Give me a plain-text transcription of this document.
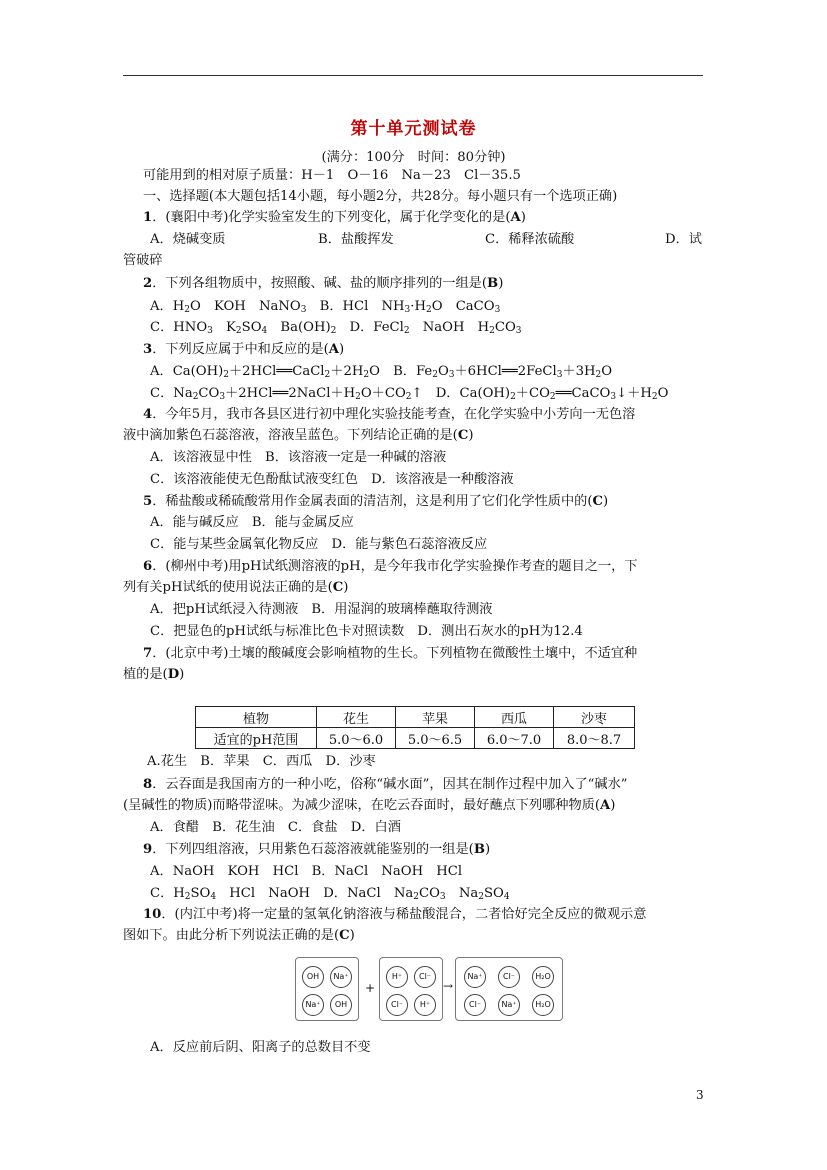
第十单元测试卷
(满分：100分　时间：80分钟)
可能用到的相对原子质量：H－1　O－16　Na－23　Cl－35.5
一、选择题(本大题包括14小题，每小题2分，共28分。每小题只有一个选项正确)
1．(襄阳中考)化学实验室发生的下列变化，属于化学变化的是(A)
A．烧碱变质	B．盐酸挥发	C．稀释浓硫酸	D．试
管破碎
2．下列各组物质中，按照酸、碱、盐的顺序排列的一组是(B)
A．$H_2O$　KOH　NaNO$_3$　B．HCl　$NH_3\cdot H_2O$　CaCO$_3$
C．$HNO_3$　$K_2SO_4$　$Ba(OH)_2$　D．FeCl$_2$　NaOH　$H_2CO_3$
3．下列反应属于中和反应的是(A)
A．$Ca(OH)_2+2HCl══CaCl_2+2H_2O$　B．$Fe_2O_3+6HCl══2FeCl_3+3H_2O$
C．$Na_2CO_3+2HCl══2NaCl+H_2O+CO_2↑$　D．$Ca(OH)_2+CO_2══CaCO_3↓+H_2O$
4．今年5月，我市各县区进行初中理化实验技能考查，在化学实验中小芳向一无色溶
液中滴加紫色石蕊溶液，溶液呈蓝色。下列结论正确的是(C)
A．该溶液显中性　B．该溶液一定是一种碱的溶液
C．该溶液能使无色酚酞试液变红色　D．该溶液是一种酸溶液
5．稀盐酸或稀硫酸常用作金属表面的清洁剂，这是利用了它们化学性质中的(C)
A．能与碱反应　B．能与金属反应
C．能与某些金属氧化物反应　D．能与紫色石蕊溶液反应
6．(柳州中考)用pH试纸测溶液的pH，是今年我市化学实验操作考查的题目之一，下
列有关pH试纸的使用说法正确的是(C)
A．把pH试纸浸入待测液　B．用湿润的玻璃棒蘸取待测液
C．把显色的pH试纸与标准比色卡对照读数　D．测出石灰水的pH为12.4
7．(北京中考)土壤的酸碱度会影响植物的生长。下列植物在微酸性土壤中，不适宜种
植的是(D)
植物	花生	苹果	西瓜	沙枣
适宜的pH范围	5.0～6.0	5.0～6.5	6.0～7.0	8.0～8.7
A.花生　B．苹果　C．西瓜　D．沙枣
8．云吞面是我国南方的一种小吃，俗称“碱水面”，因其在制作过程中加入了“碱水”
(呈碱性的物质)而略带涩味。为减少涩味，在吃云吞面时，最好蘸点下列哪种物质(A)
A．食醋　B．花生油　C．食盐　D．白酒
9．下列四组溶液，只用紫色石蕊溶液就能鉴别的一组是(B)
A．NaOH　KOH　HCl　B．NaCl　NaOH　HCl
C．$H_2SO_4$　HCl　NaOH　D．NaCl　$Na_2CO_3$　$Na_2SO_4$
10．(内江中考)将一定量的氢氧化钠溶液与稀盐酸混合，二者恰好完全反应的微观示意
图如下。由此分析下列说法正确的是(C)
OH	Na⁺
Na⁺	OH
+
H⁺	Cl⁻
Cl⁻	H⁺
→
Na⁺	Cl⁻	H₂O
Cl⁻	Na⁺	H₂O
A．反应前后阴、阳离子的总数目不变
3
